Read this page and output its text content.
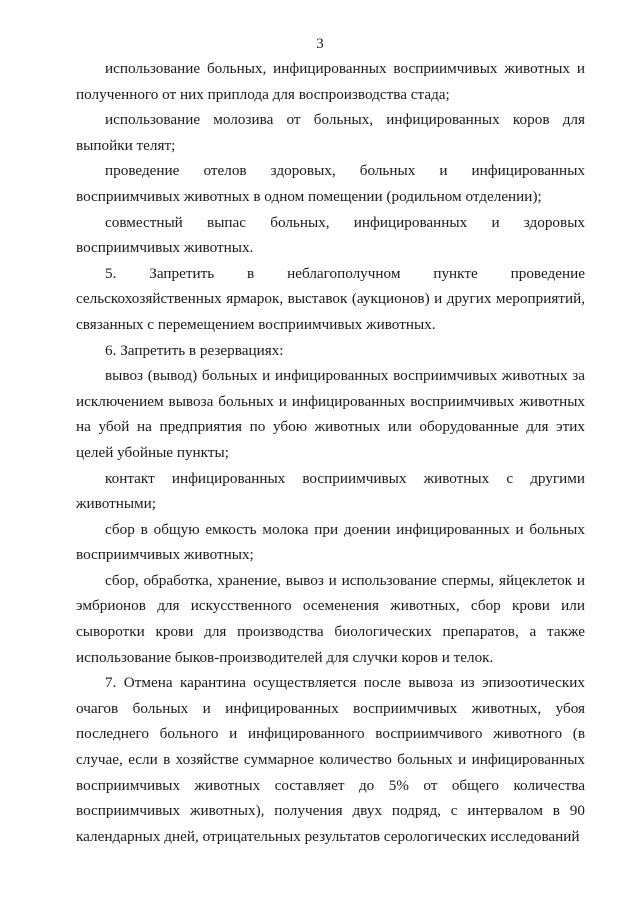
3

использование больных, инфицированных восприимчивых животных и полученного от них приплода для воспроизводства стада;

использование молозива от больных, инфицированных коров для выпойки телят;

проведение отелов здоровых, больных и инфицированных восприимчивых животных в одном помещении (родильном отделении);

совместный выпас больных, инфицированных и здоровых восприимчивых животных.

5. Запретить в неблагополучном пункте проведение сельскохозяйственных ярмарок, выставок (аукционов) и других мероприятий, связанных с перемещением восприимчивых животных.

6. Запретить в резервациях:

вывоз (вывод) больных и инфицированных восприимчивых животных за исключением вывоза больных и инфицированных восприимчивых животных на убой на предприятия по убою животных или оборудованные для этих целей убойные пункты;

контакт инфицированных восприимчивых животных с другими животными;

сбор в общую емкость молока при доении инфицированных и больных восприимчивых животных;

сбор, обработка, хранение, вывоз и использование спермы, яйцеклеток и эмбрионов для искусственного осеменения животных, сбор крови или сыворотки крови для производства биологических препаратов, а также использование быков-производителей для случки коров и телок.

7. Отмена карантина осуществляется после вывоза из эпизоотических очагов больных и инфицированных восприимчивых животных, убоя последнего больного и инфицированного восприимчивого животного (в случае, если в хозяйстве суммарное количество больных и инфицированных восприимчивых животных составляет до 5% от общего количества восприимчивых животных), получения двух подряд, с интервалом в 90 календарных дней, отрицательных результатов серологических исследований
